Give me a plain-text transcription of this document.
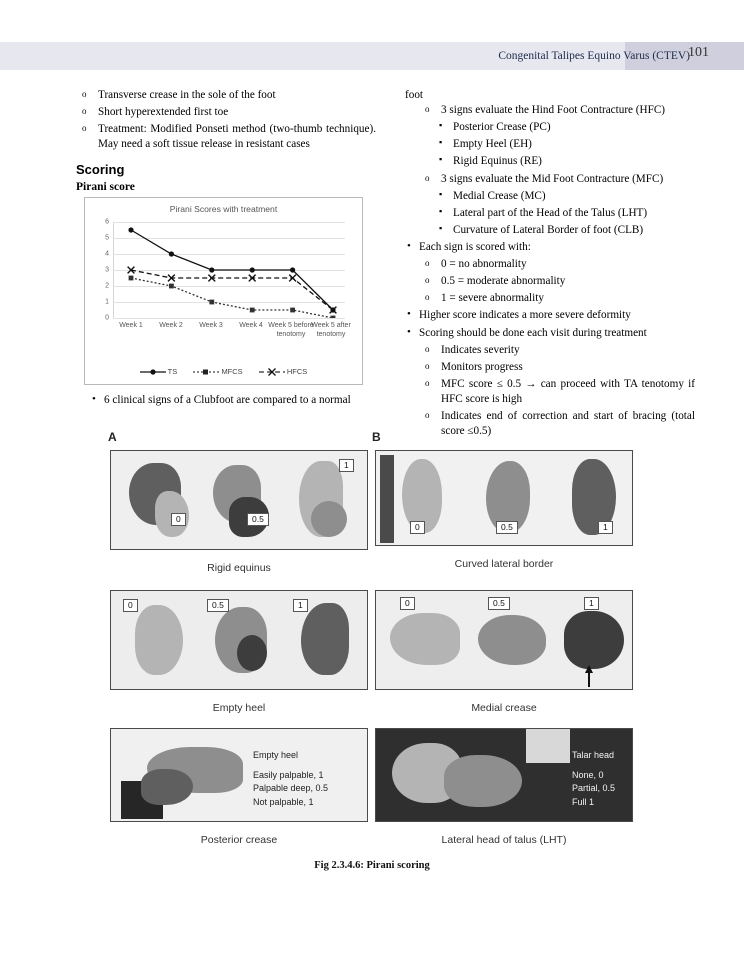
101
Congenital Talipes Equino Varus (CTEV)
o Transverse crease in the sole of the foot
o Short hyperextended first toe
o Treatment: Modified Ponseti method (two-thumb technique). May need a soft tissue release in resistant cases
Scoring
Pirani score
Pirani Scores with treatment
6
5
4
3
2
1
0
Week 1	Week 2	Week 3	Week 4 Week 5 before tenotomy
Week 5 after tenotomy
TS	MFCS	HFCS
• 6 clinical signs of a Clubfoot are compared to a normal
foot
o 3 signs evaluate the Hind Foot Contracture (HFC)
▪ Posterior Crease (PC)
▪ Empty Heel (EH)
▪ Rigid Equinus (RE)
o 3 signs evaluate the Mid Foot Contracture (MFC)
▪ Medial Crease (MC)
▪ Lateral part of the Head of the Talus (LHT)
▪ Curvature of Lateral Border of foot (CLB)
• Each sign is scored with:
o 0 = no abnormality
o 0.5 = moderate abnormality
o 1 = severe abnormality
• Higher score indicates a more severe deformity
• Scoring should be done each visit during treatment
o Indicates severity
o Monitors progress
o MFC score ≤ 0.5 → can proceed with TA tenotomy if HFC score is high
o Indicates end of correction and start of bracing (total score ≤0.5)
A	B
0	0.5
1
Rigid equinus
0	0.5	1
Curved lateral border
0	0.5	1
Empty heel
0	0.5	1
Medial crease
Empty heel
Easily palpable, 1
Palpable deep, 0.5
Not palpable, 1
Posterior crease
Talar head
None, 0
Partial, 0.5
Full 1
Lateral head of talus (LHT)
Fig 2.3.4.6: Pirani scoring
